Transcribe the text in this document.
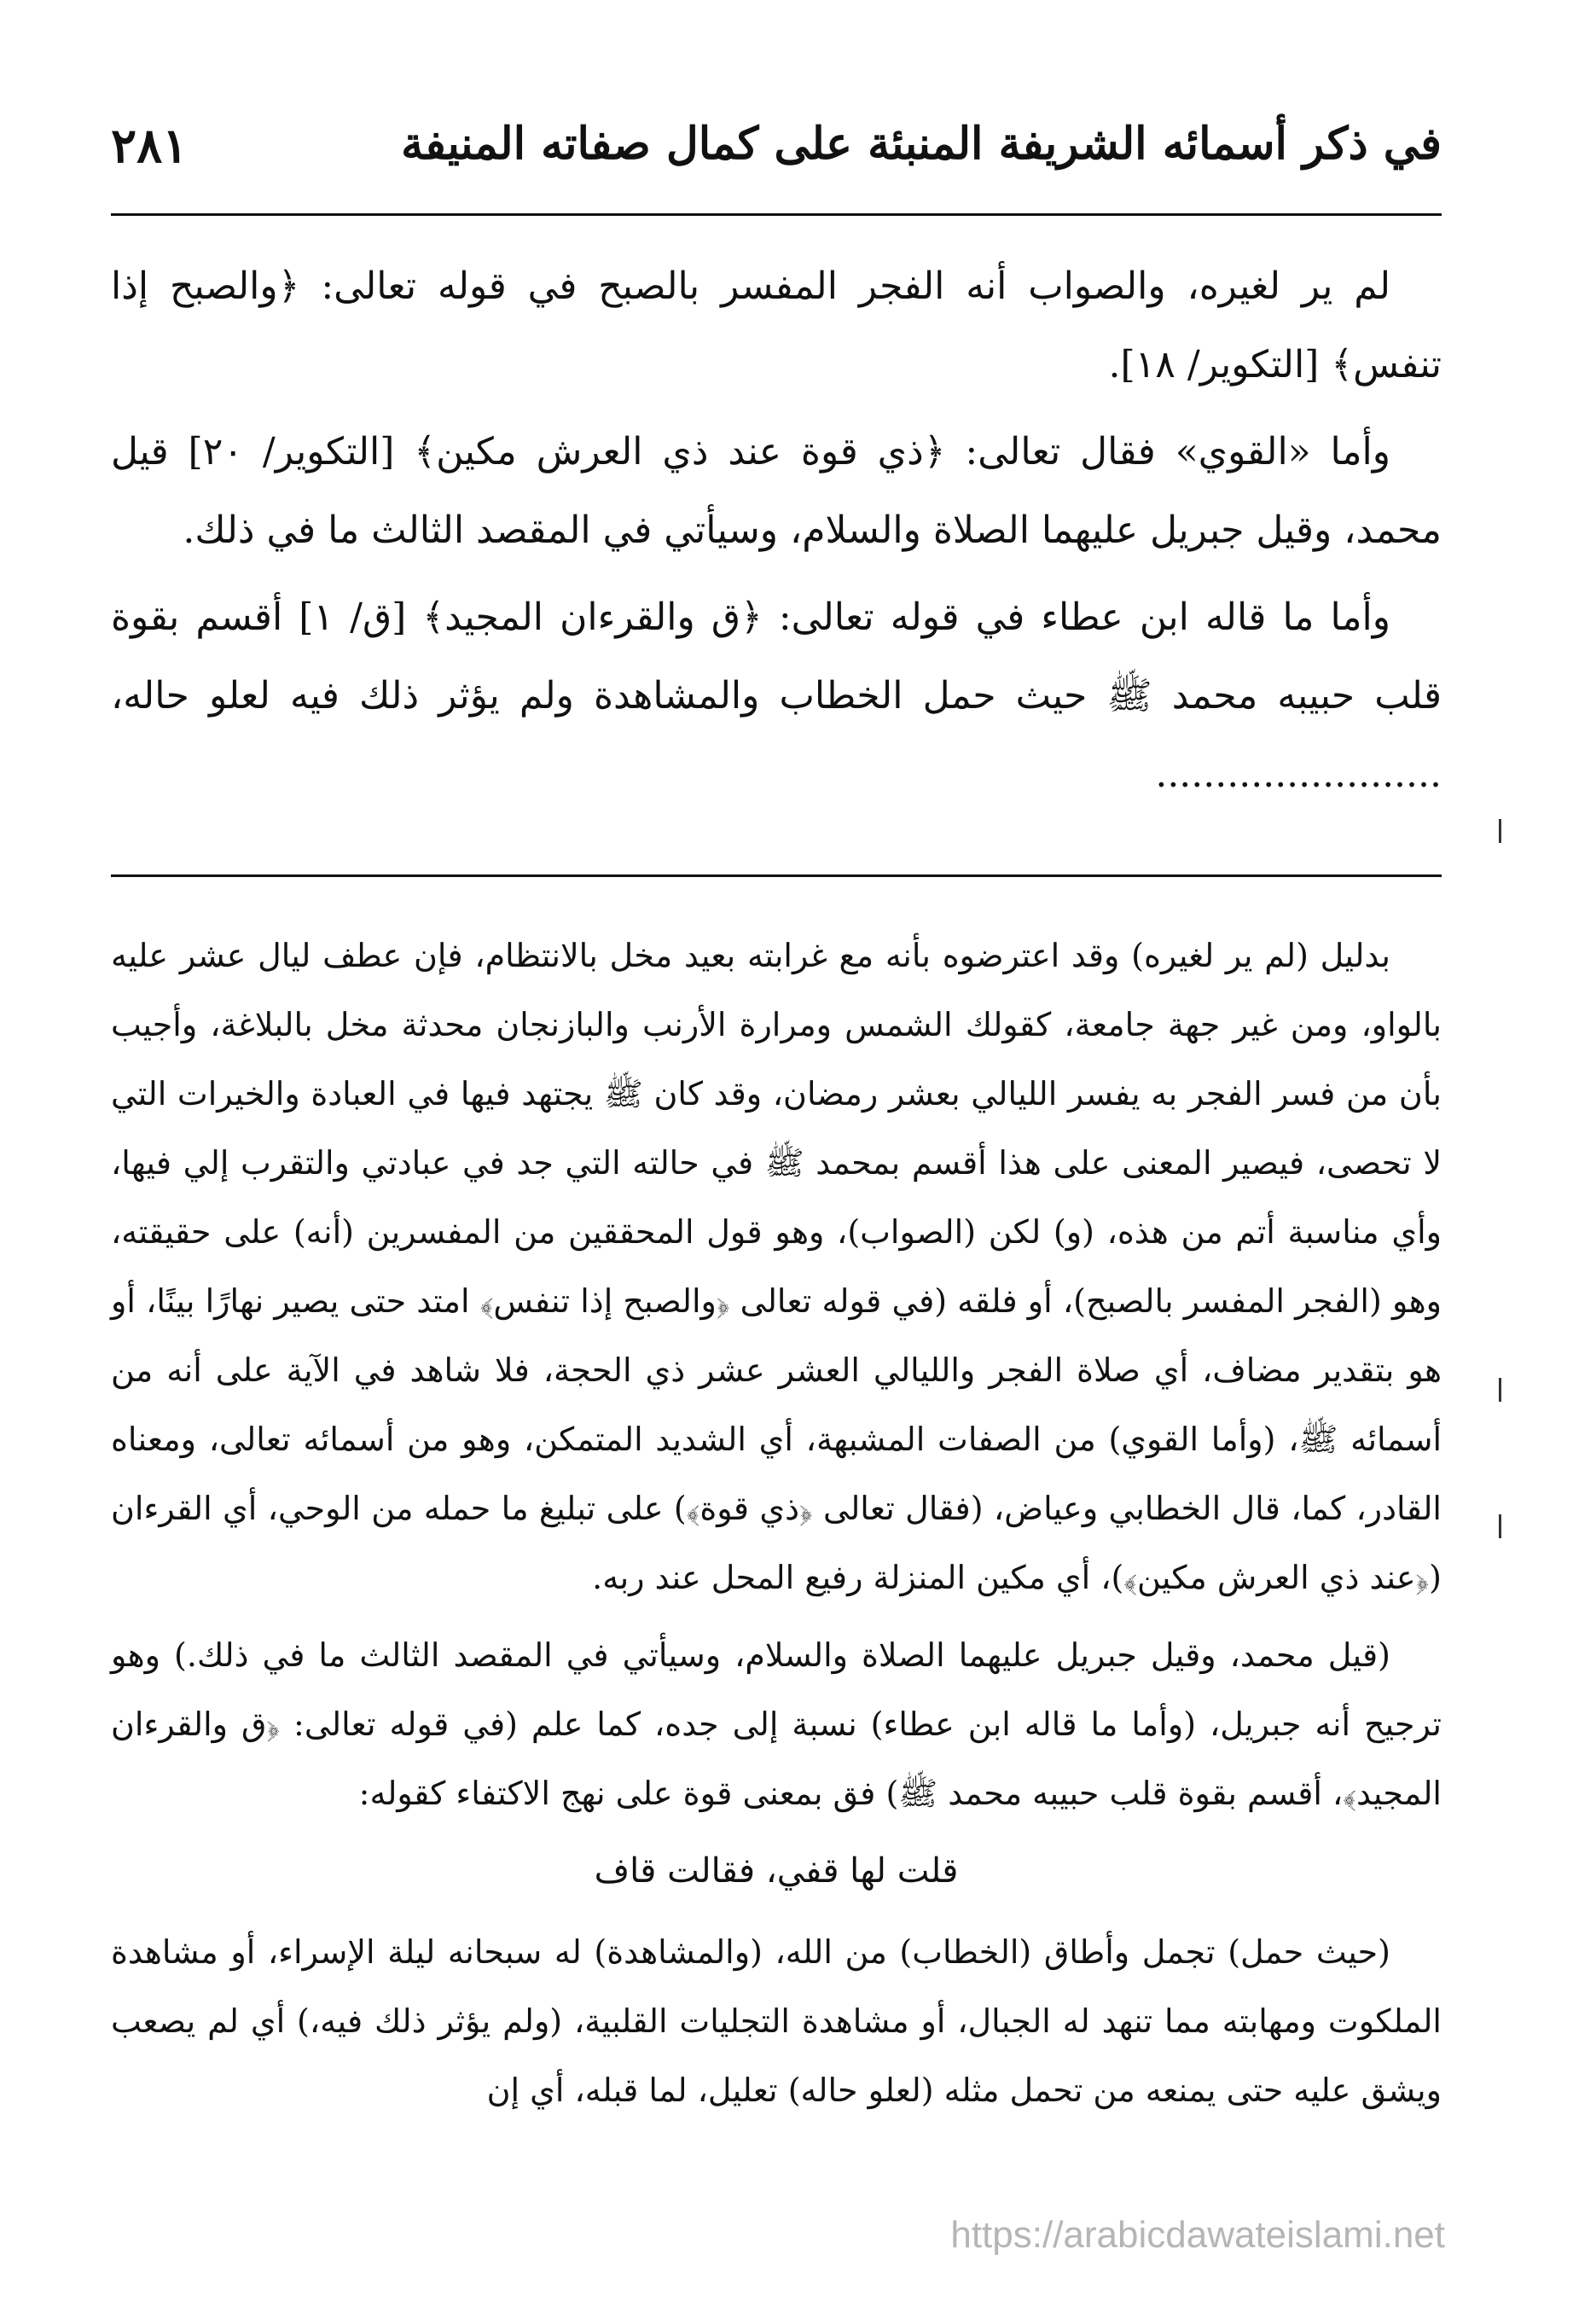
في ذكر أسمائه الشريفة المنبئة على كمال صفاته المنيفة
٢٨١

لم ير لغيره، والصواب أنه الفجر المفسر بالصبح في قوله تعالى: ﴿والصبح إذا تنفس﴾ [التكوير/ ١٨].

وأما «القوي» فقال تعالى: ﴿ذي قوة عند ذي العرش مكين﴾ [التكوير/ ٢٠] قيل محمد، وقيل جبريل عليهما الصلاة والسلام، وسيأتي في المقصد الثالث ما في ذلك.

وأما ما قاله ابن عطاء في قوله تعالى: ﴿ق والقرءان المجيد﴾ [ق/ ١] أقسم بقوة قلب حبيبه محمد ﷺ حيث حمل الخطاب والمشاهدة ولم يؤثر ذلك فيه لعلو حاله، ........................

بدليل (لم ير لغيره) وقد اعترضوه بأنه مع غرابته بعيد مخل بالانتظام، فإن عطف ليال عشر عليه بالواو، ومن غير جهة جامعة، كقولك الشمس ومرارة الأرنب والبازنجان محدثة مخل بالبلاغة، وأجيب بأن من فسر الفجر به يفسر الليالي بعشر رمضان، وقد كان ﷺ يجتهد فيها في العبادة والخيرات التي لا تحصى، فيصير المعنى على هذا أقسم بمحمد ﷺ في حالته التي جد في عبادتي والتقرب إلي فيها، وأي مناسبة أتم من هذه، (و) لكن (الصواب)، وهو قول المحققين من المفسرين (أنه) على حقيقته، وهو (الفجر المفسر بالصبح)، أو فلقه (في قوله تعالى ﴿والصبح إذا تنفس﴾ امتد حتى يصير نهارًا بينًا، أو هو بتقدير مضاف، أي صلاة الفجر والليالي العشر عشر ذي الحجة، فلا شاهد في الآية على أنه من أسمائه ﷺ، (وأما القوي) من الصفات المشبهة، أي الشديد المتمكن، وهو من أسمائه تعالى، ومعناه القادر، كما، قال الخطابي وعياض، (فقال تعالى ﴿ذي قوة﴾) على تبليغ ما حمله من الوحي، أي القرءان (﴿عند ذي العرش مكين﴾)، أي مكين المنزلة رفيع المحل عند ربه.

(قيل محمد، وقيل جبريل عليهما الصلاة والسلام، وسيأتي في المقصد الثالث ما في ذلك.) وهو ترجيح أنه جبريل، (وأما ما قاله ابن عطاء) نسبة إلى جده، كما علم (في قوله تعالى: ﴿ق والقرءان المجيد﴾، أقسم بقوة قلب حبيبه محمد ﷺ) فق بمعنى قوة على نهج الاكتفاء كقوله:

قلت لها قفي، فقالت قاف

(حيث حمل) تجمل وأطاق (الخطاب) من الله، (والمشاهدة) له سبحانه ليلة الإسراء، أو مشاهدة الملكوت ومهابته مما تنهد له الجبال، أو مشاهدة التجليات القلبية، (ولم يؤثر ذلك فيه،) أي لم يصعب ويشق عليه حتى يمنعه من تحمل مثله (لعلو حاله) تعليل، لما قبله، أي إن

https://arabicdawateislami.net
